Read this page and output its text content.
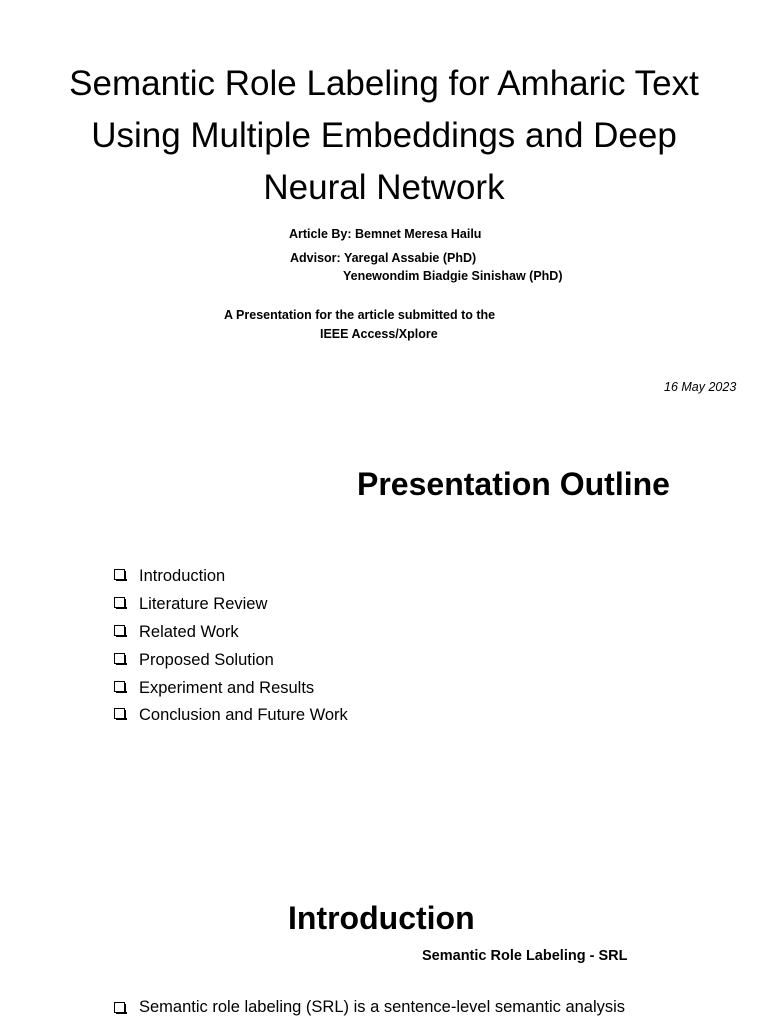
Semantic Role Labeling for Amharic Text
Using Multiple Embeddings and Deep
Neural Network
Article By: Bemnet Meresa Hailu
Advisor: Yaregal Assabie (PhD)
Yenewondim Biadgie Sinishaw (PhD)
A Presentation for the article submitted to the
IEEE Access/Xplore
16 May 2023
Presentation Outline
Introduction
Literature Review
Related Work
Proposed Solution
Experiment and Results
Conclusion and Future Work
Introduction
Semantic Role Labeling - SRL
Semantic role labeling (SRL) is a sentence-level semantic analysis
